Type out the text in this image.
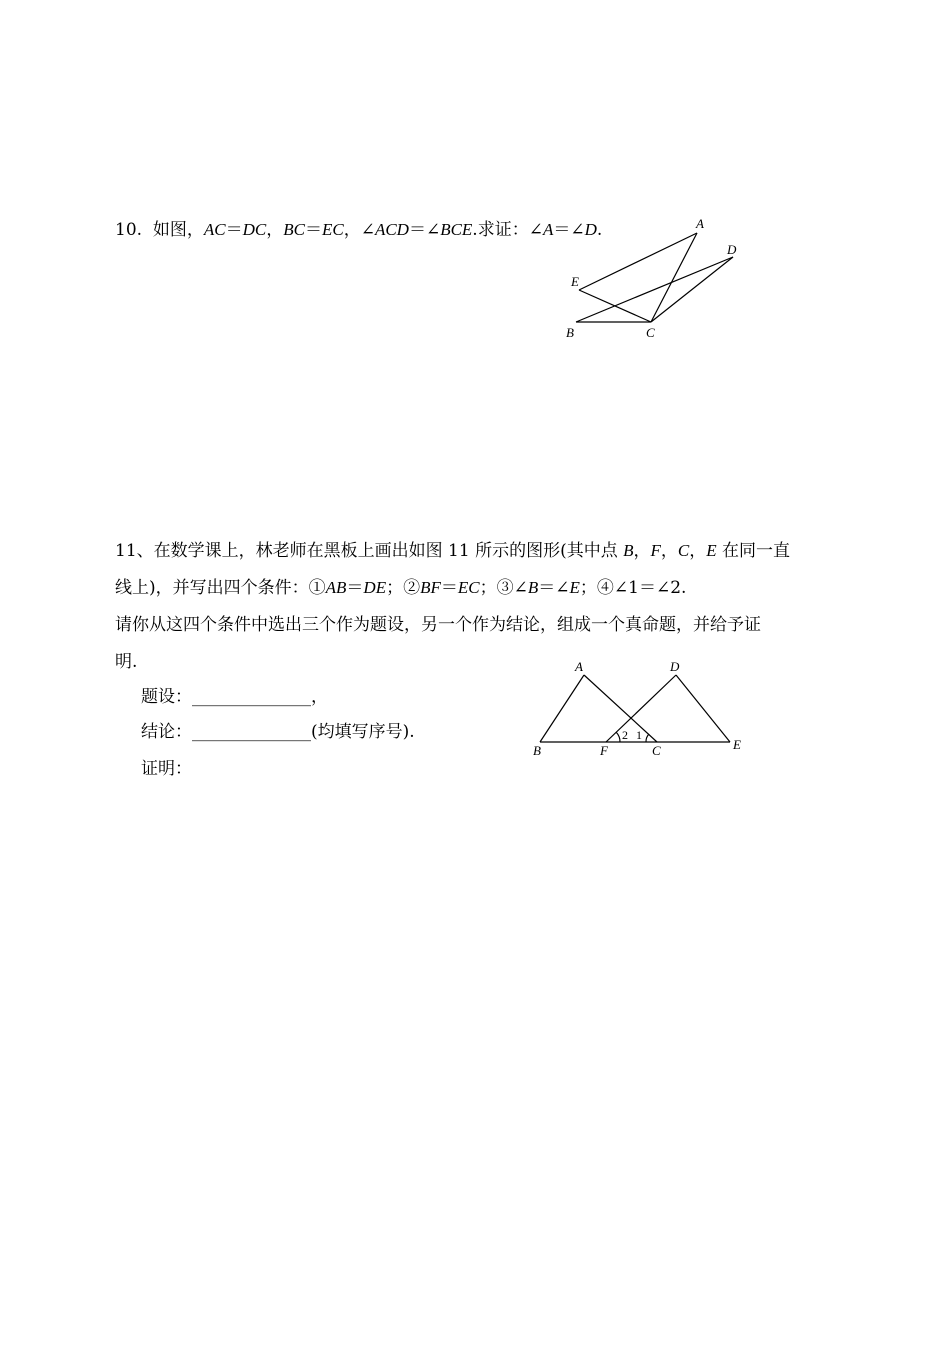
10. 如图，AC＝DC，BC＝EC，∠ACD＝∠BCE.求证：∠A＝∠D.	A
D
E
B	C
11、在数学课上，林老师在黑板上画出如图 11 所示的图形(其中点 B，F，C，E 在同一直
线上)，并写出四个条件：①AB＝DE；②BF＝EC；③∠B＝∠E；④∠1＝∠2.
请你从这四个条件中选出三个作为题设，另一个作为结论，组成一个真命题，并给予证
明.
题设：______________，
结论：______________(均填写序号).
证明：
A	D
B	F	C	E
2 1
